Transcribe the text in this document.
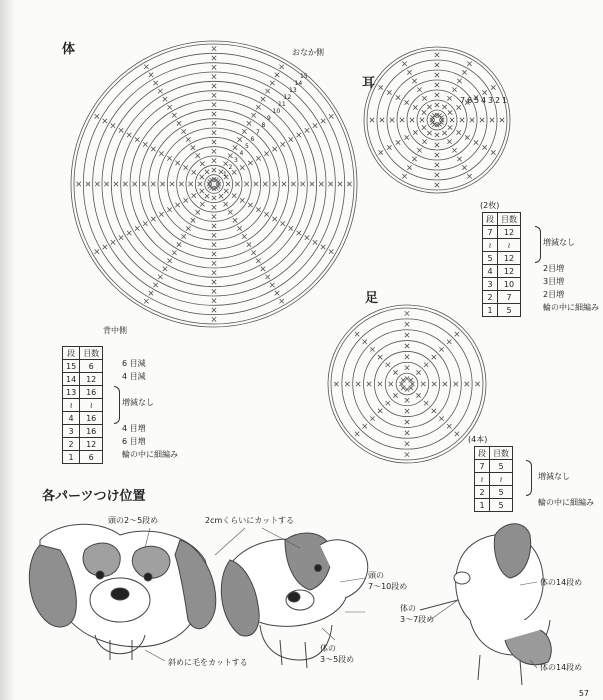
体
耳
足
各パーツつけ位置
おなか側
背中側
7 6 5 4 3 2 1
15
14
13
12
11
10
9
8
7
6
5
4
3
2
1
(2枚)
段	目数
7	12
≀	≀
5	12
4	12
3	10
2	7
1	5
増減なし
2目増
3目増
2目増
輪の中に細編み
段	目数
15	6
14	12
13	16
≀	≀
4	16
3	16
2	12
1	6
6 目減
4 目減
増減なし
4 目増
6 目増
輪の中に細編み
(4本)
段	目数
7	5
≀	≀
2	5
1	5
増減なし
輪の中に細編み
頭の2〜5段め	2cmくらいにカットする
頭の
7〜10段め
体の
3〜7段め
体の14段め
体の
3〜5段め
斜めに毛をカットする
体の14段め
57
